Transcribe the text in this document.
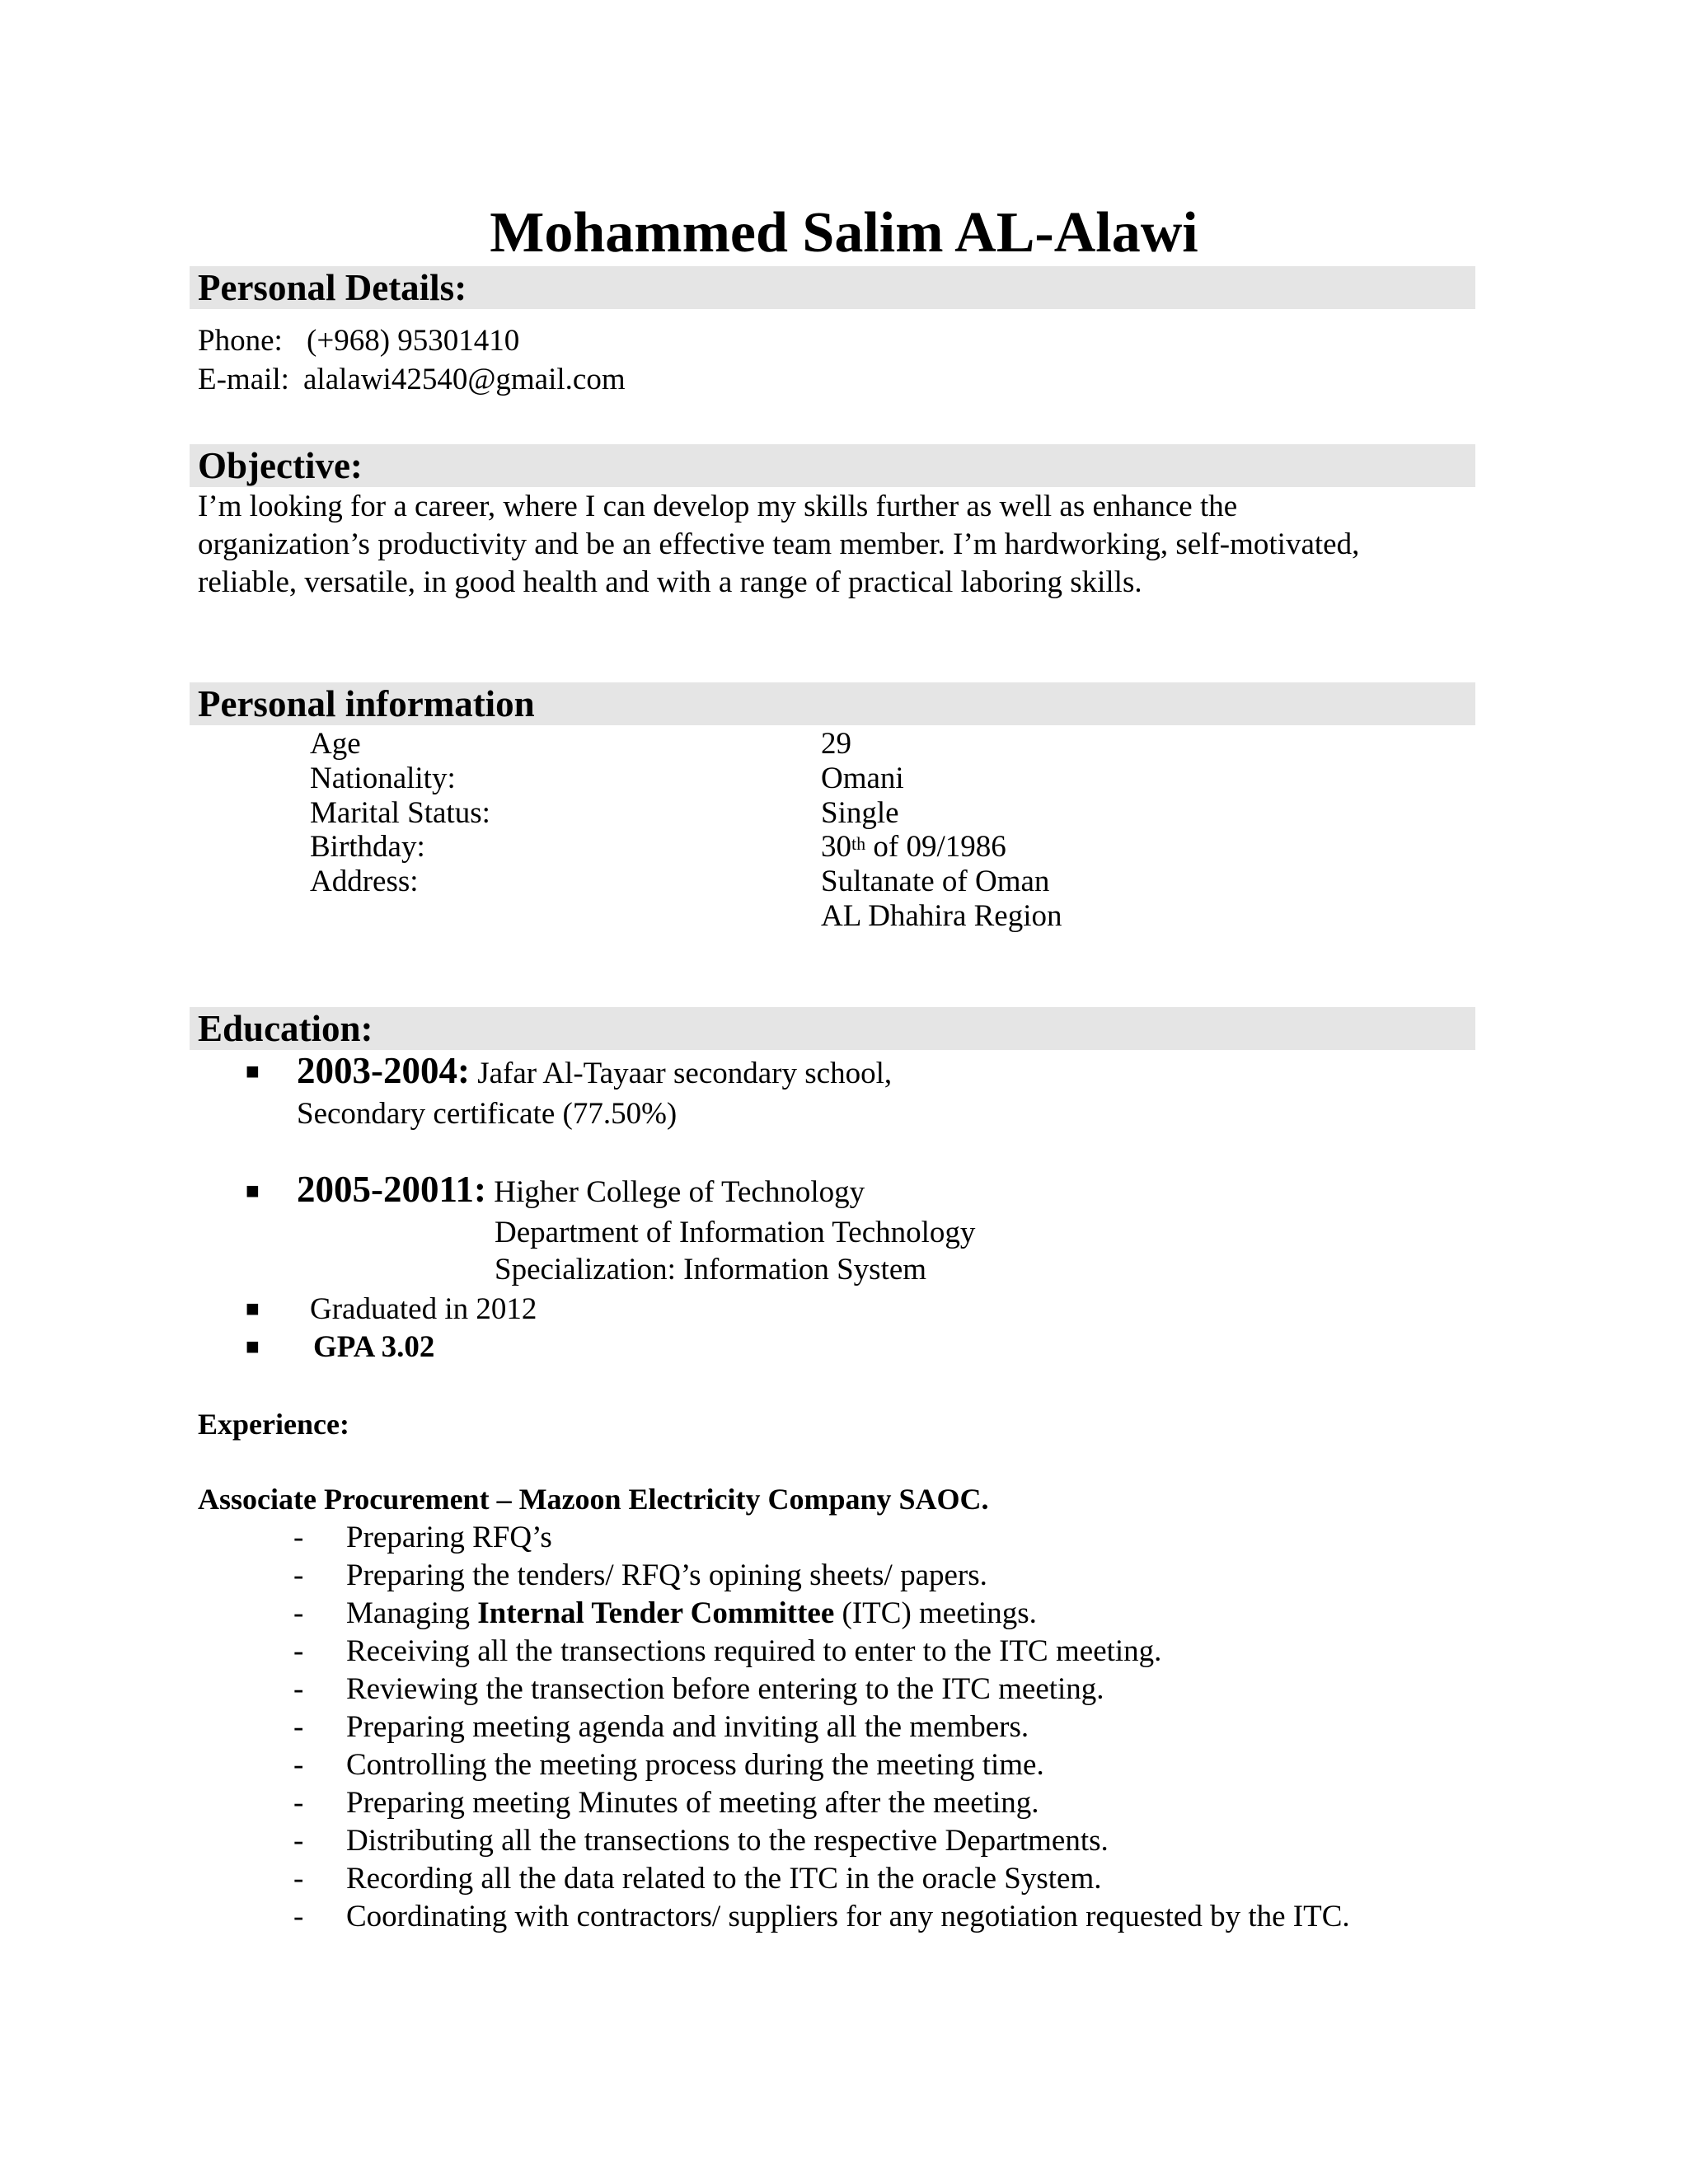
Mohammed Salim AL-Alawi
Personal Details:
Phone: (+968) 95301410
E-mail: alalawi42540@gmail.com
Objective:
I’m looking for a career, where I can develop my skills further as well as enhance the
organization’s productivity and be an effective team member. I’m hardworking, self-motivated,
reliable, versatile, in good health and with a range of practical laboring skills.
Personal information
Age	29
Nationality:	Omani
Marital Status:	Single
Birthday:	30th of 09/1986
Address:	Sultanate of Oman
AL Dhahira Region
Education:
■ 2003-2004: Jafar Al-Tayaar secondary school,
Secondary certificate (77.50%)
■ 2005-20011: Higher College of Technology
Department of Information Technology
Specialization: Information System
■ Graduated in 2012
■ GPA 3.02
Experience:
Associate Procurement – Mazoon Electricity Company SAOC.
- Preparing RFQ’s
- Preparing the tenders/ RFQ’s opining sheets/ papers.
- Managing Internal Tender Committee (ITC) meetings.
- Receiving all the transections required to enter to the ITC meeting.
- Reviewing the transection before entering to the ITC meeting.
- Preparing meeting agenda and inviting all the members.
- Controlling the meeting process during the meeting time.
- Preparing meeting Minutes of meeting after the meeting.
- Distributing all the transections to the respective Departments.
- Recording all the data related to the ITC in the oracle System.
- Coordinating with contractors/ suppliers for any negotiation requested by the ITC.
